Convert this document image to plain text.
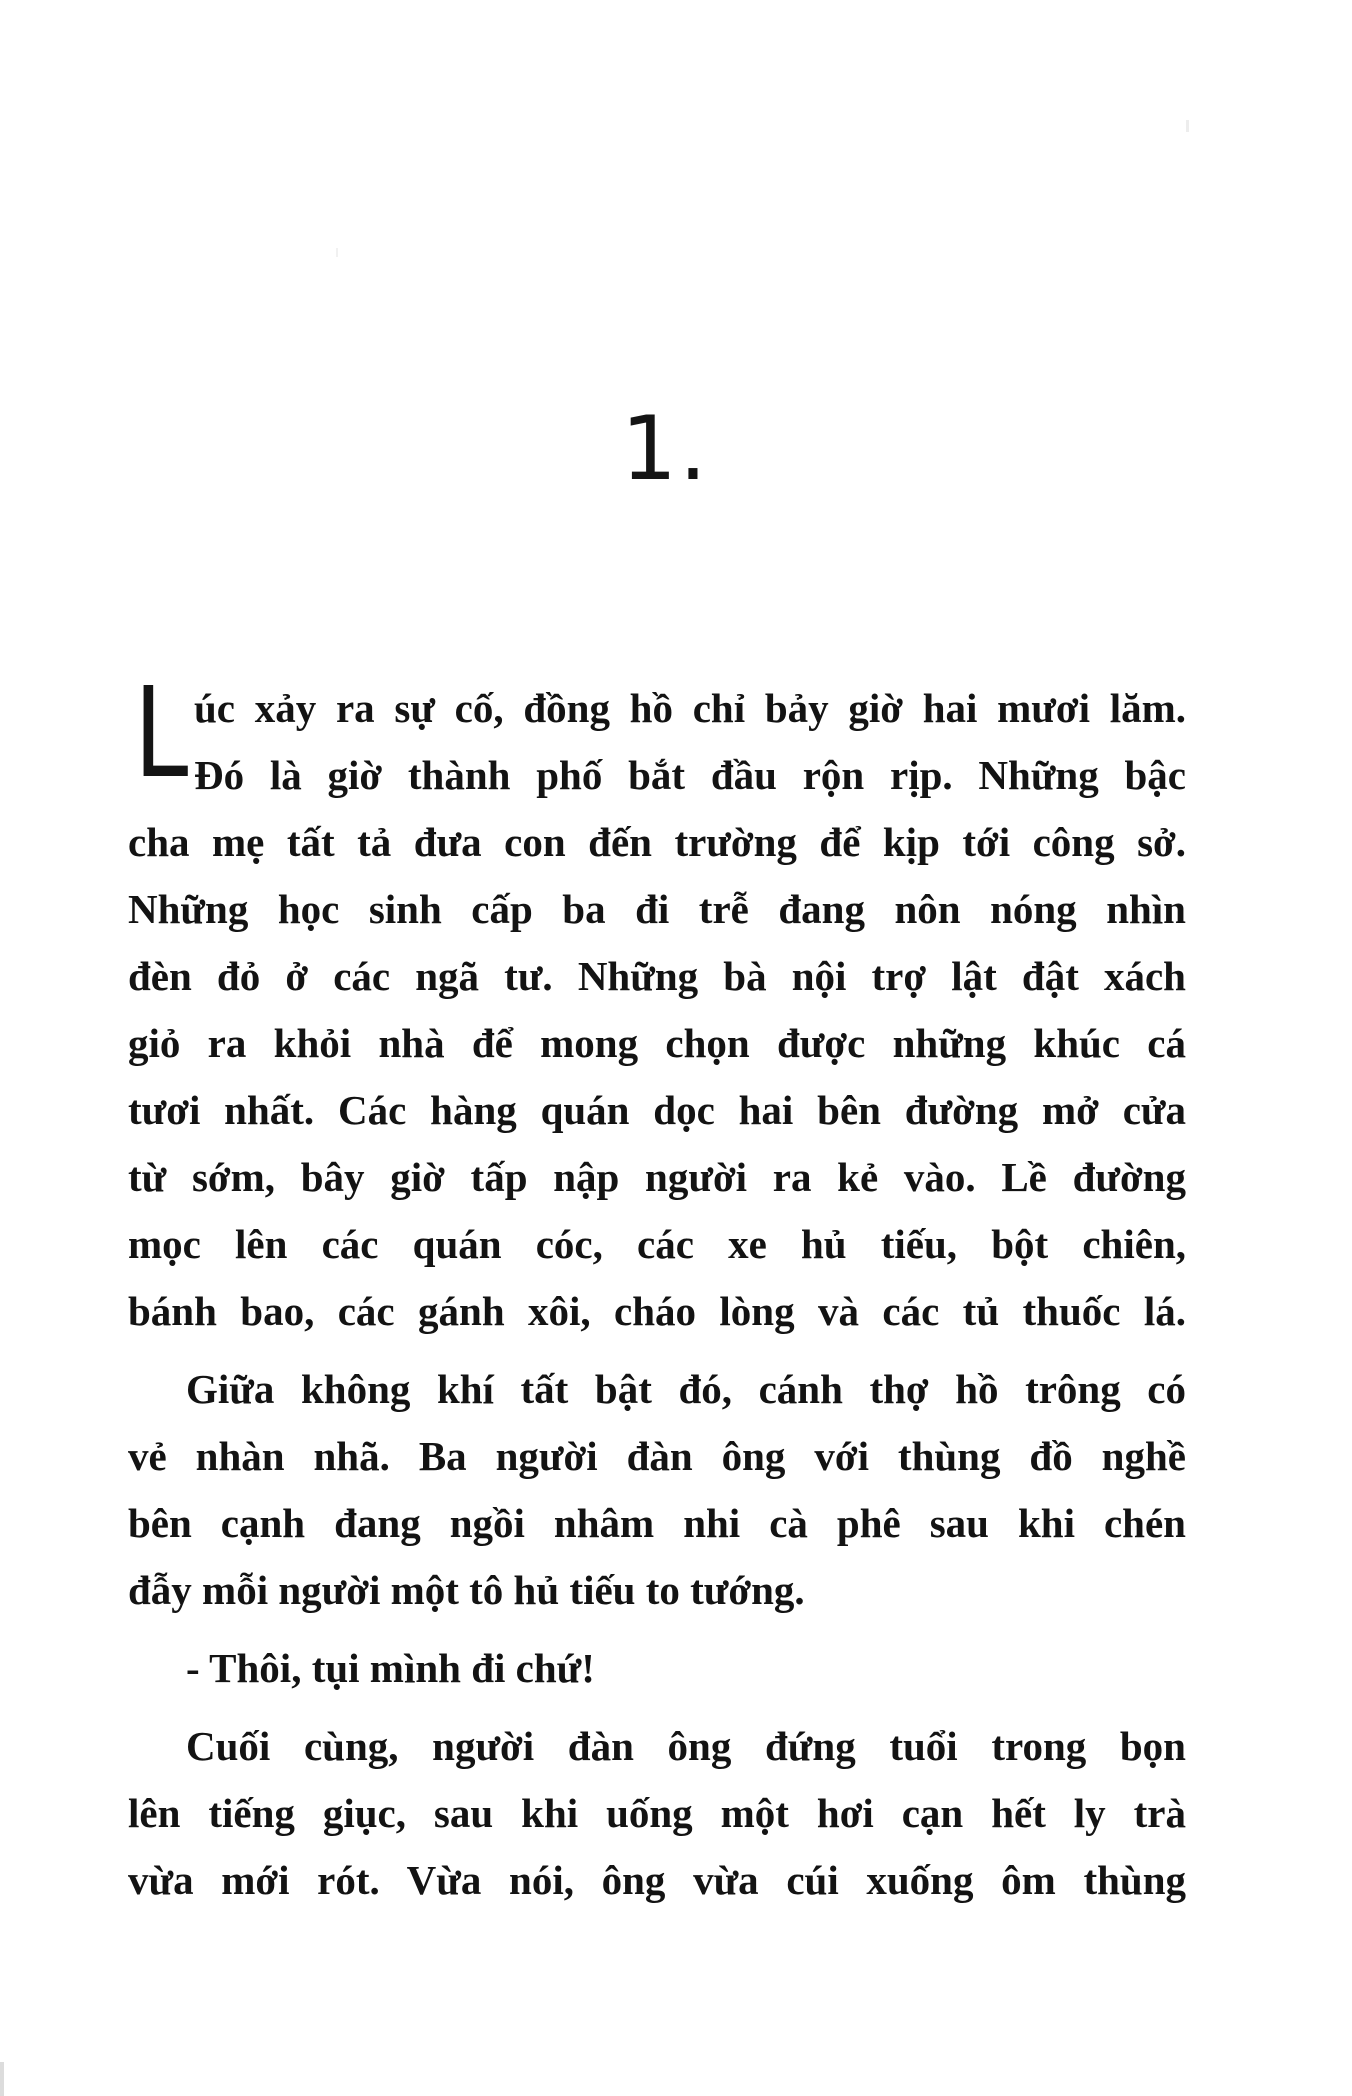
1.
L úc xảy ra sự cố, đồng hồ chỉ bảy giờ hai mươi lăm.
Đó là giờ thành phố bắt đầu rộn rịp. Những bậc
cha mẹ tất tả đưa con đến trường để kịp tới công sở.
Những học sinh cấp ba đi trễ đang nôn nóng nhìn
đèn đỏ ở các ngã tư. Những bà nội trợ lật đật xách
giỏ ra khỏi nhà để mong chọn được những khúc cá
tươi nhất. Các hàng quán dọc hai bên đường mở cửa
từ sớm, bây giờ tấp nập người ra kẻ vào. Lề đường
mọc lên các quán cóc, các xe hủ tiếu, bột chiên,
bánh bao, các gánh xôi, cháo lòng và các tủ thuốc lá.
Giữa không khí tất bật đó, cánh thợ hồ trông có
vẻ nhàn nhã. Ba người đàn ông với thùng đồ nghề
bên cạnh đang ngồi nhâm nhi cà phê sau khi chén
đẫy mỗi người một tô hủ tiếu to tướng.
- Thôi, tụi mình đi chứ!
Cuối cùng, người đàn ông đứng tuổi trong bọn
lên tiếng giục, sau khi uống một hơi cạn hết ly trà
vừa mới rót. Vừa nói, ông vừa cúi xuống ôm thùng
